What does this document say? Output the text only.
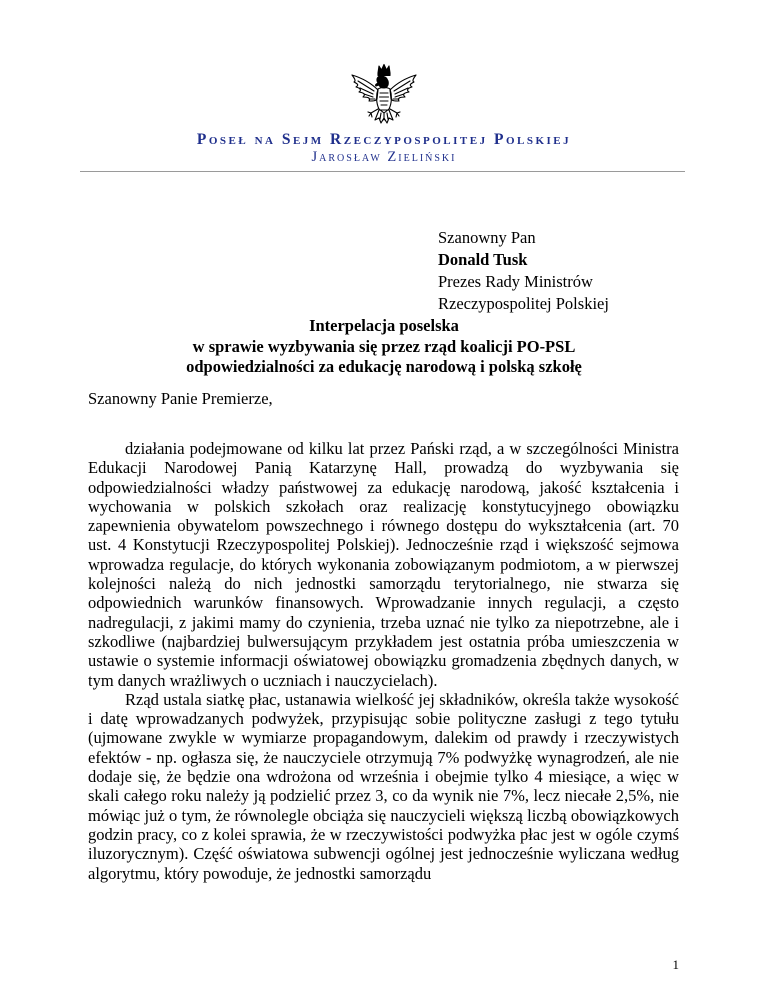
Poseł na Sejm Rzeczypospolitej Polskiej
Jarosław Zieliński
Szanowny Pan
Donald Tusk
Prezes Rady Ministrów
Rzeczypospolitej Polskiej
Interpelacja poselska
w sprawie wyzbywania się przez rząd koalicji PO-PSL
odpowiedzialności za edukację narodową i polską szkołę
Szanowny Panie Premierze,

działania podejmowane od kilku lat przez Pański rząd, a w szczególności Ministra Edukacji Narodowej Panią Katarzynę Hall, prowadzą do wyzbywania się odpowiedzialności władzy państwowej za edukację narodową, jakość kształcenia i wychowania w polskich szkołach oraz realizację konstytucyjnego obowiązku zapewnienia obywatelom powszechnego i równego dostępu do wykształcenia (art. 70 ust. 4 Konstytucji Rzeczypospolitej Polskiej). Jednocześnie rząd i większość sejmowa wprowadza regulacje, do których wykonania zobowiązanym podmiotom, a w pierwszej kolejności należą do nich jednostki samorządu terytorialnego, nie stwarza się odpowiednich warunków finansowych. Wprowadzanie innych regulacji, a często nadregulacji, z jakimi mamy do czynienia, trzeba uznać nie tylko za niepotrzebne, ale i szkodliwe (najbardziej bulwersującym przykładem jest ostatnia próba umieszczenia w ustawie o systemie informacji oświatowej obowiązku gromadzenia zbędnych danych, w tym danych wrażliwych o uczniach i nauczycielach).

Rząd ustala siatkę płac, ustanawia wielkość jej składników, określa także wysokość i datę wprowadzanych podwyżek, przypisując sobie polityczne zasługi z tego tytułu (ujmowane zwykle w wymiarze propagandowym, dalekim od prawdy i rzeczywistych efektów - np. ogłasza się, że nauczyciele otrzymują 7% podwyżkę wynagrodzeń, ale nie dodaje się, że będzie ona wdrożona od września i obejmie tylko 4 miesiące, a więc w skali całego roku należy ją podzielić przez 3, co da wynik nie 7%, lecz niecałe 2,5%, nie mówiąc już o tym, że równolegle obciąża się nauczycieli większą liczbą obowiązkowych godzin pracy, co z kolei sprawia, że w rzeczywistości podwyżka płac jest w ogóle czymś iluzorycznym). Część oświatowa subwencji ogólnej jest jednocześnie wyliczana według algorytmu, który powoduje, że jednostki samorządu

1
